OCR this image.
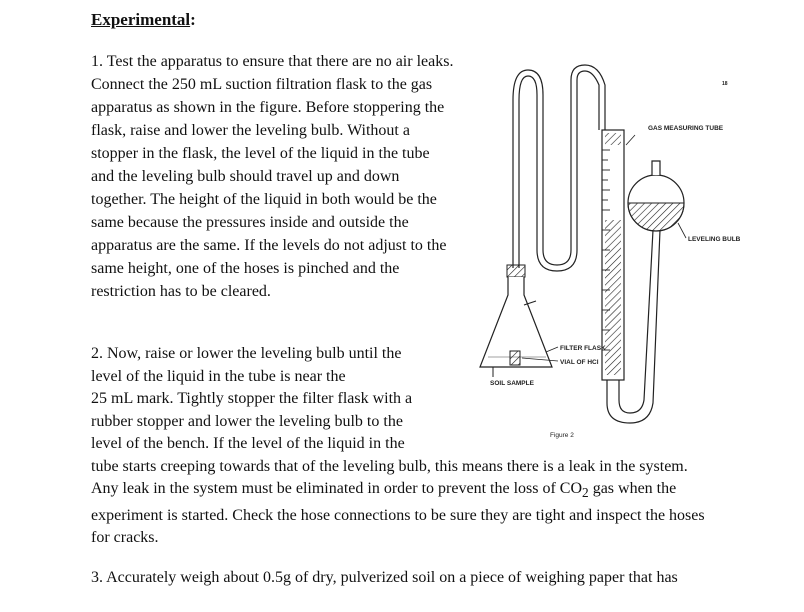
Experimental:

1. Test the apparatus to ensure that there are no air leaks. Connect the 250 mL suction filtration flask to the gas apparatus as shown in the figure. Before stoppering the flask, raise and lower the leveling bulb. Without a stopper in the flask, the level of the liquid in the tube and the leveling bulb should travel up and down together. The height of the liquid in both would be the same because the pressures inside and outside the apparatus are the same. If the levels do not adjust to the same height, one of the hoses is pinched and the restriction has to be cleared.

2. Now, raise or lower the leveling bulb until the
level of the liquid in the tube is near the
25 mL mark. Tightly stopper the filter flask with a
rubber stopper and lower the leveling bulb to the
level of the bench. If the level of the liquid in the
tube starts creeping towards that of the leveling bulb, this means there is a leak in the system.
Any leak in the system must be eliminated in order to prevent the loss of $CO_2$ gas when the
experiment is started. Check the hose connections to be sure they are tight and inspect the hoses
for cracks.

3. Accurately weigh about 0.5g of dry, pulverized soil on a piece of weighing paper that has

GAS MEASURING TUBE
LEVELING BULB
FILTER FLASK
VIAL OF HCl
SOIL SAMPLE
18
Figure 2
